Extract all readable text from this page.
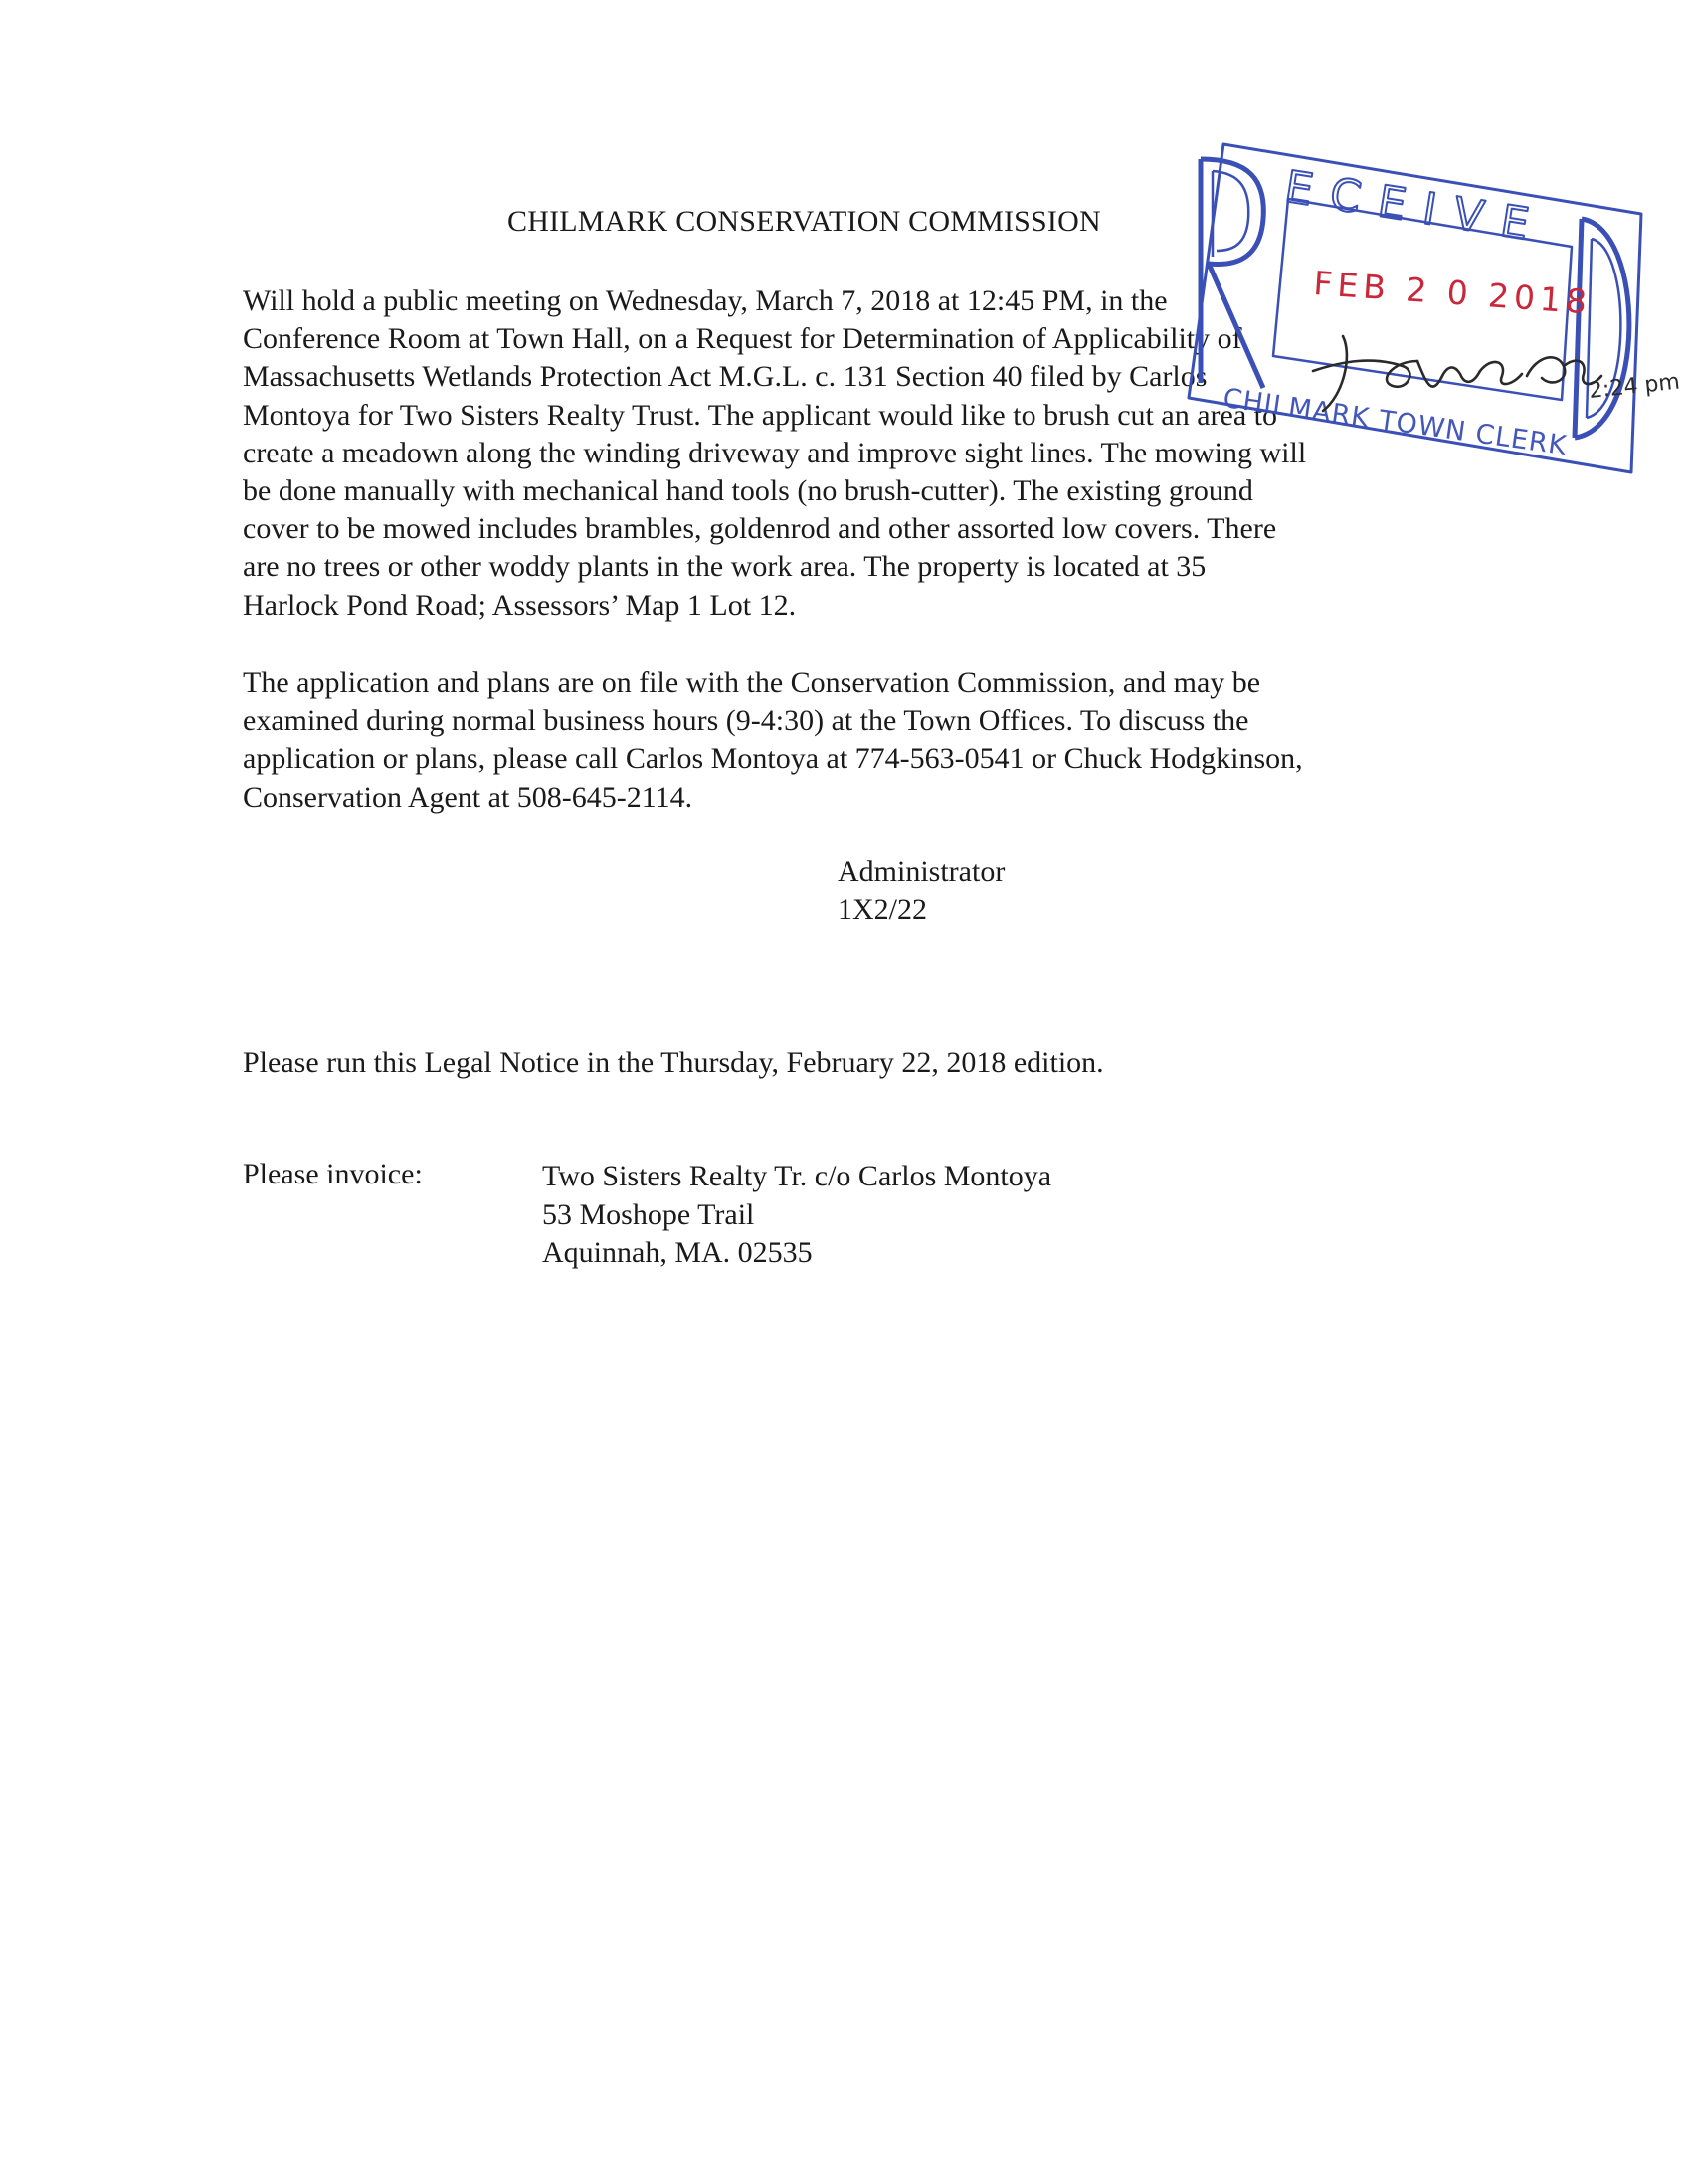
CHILMARK CONSERVATION COMMISSION
Will hold a public meeting on Wednesday, March 7, 2018 at 12:45 PM, in the
Conference Room at Town Hall, on a Request for Determination of Applicability of
Massachusetts Wetlands Protection Act M.G.L. c. 131 Section 40 filed by Carlos
Montoya for Two Sisters Realty Trust. The applicant would like to brush cut an area to
create a meadown along the winding driveway and improve sight lines. The mowing will
be done manually with mechanical hand tools (no brush-cutter). The existing ground
cover to be mowed includes brambles, goldenrod and other assorted low covers. There
are no trees or other woddy plants in the work area. The property is located at 35
Harlock Pond Road; Assessors’ Map 1 Lot 12.
The application and plans are on file with the Conservation Commission, and may be
examined during normal business hours (9-4:30) at the Town Offices. To discuss the
application or plans, please call Carlos Montoya at 774-563-0541 or Chuck Hodgkinson,
Conservation Agent at 508-645-2114.
Administrator
1X2/22
Please run this Legal Notice in the Thursday, February 22, 2018 edition.
Please invoice:	Two Sisters Realty Tr. c/o Carlos Montoya
53 Moshope Trail
Aquinnah, MA. 02535
ECEIVE
FEB 2 0 2018
CHILMARK TOWN CLERK 2:24 pm
